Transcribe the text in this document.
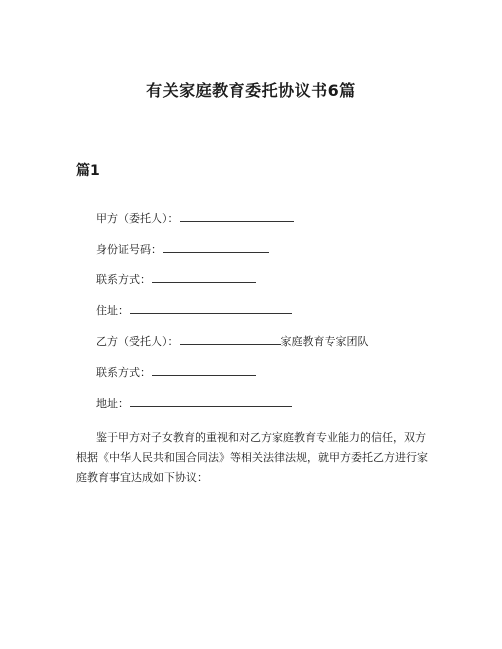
有关家庭教育委托协议书6篇
篇1
甲方（委托人）：
身份证号码：
联系方式：
住址：
乙方（受托人）：	家庭教育专家团队
联系方式：
地址：
鉴于甲方对子女教育的重视和对乙方家庭教育专业能力的信任，双方根据《中华人民共和国合同法》等相关法律法规，就甲方委托乙方进行家庭教育事宜达成如下协议：
